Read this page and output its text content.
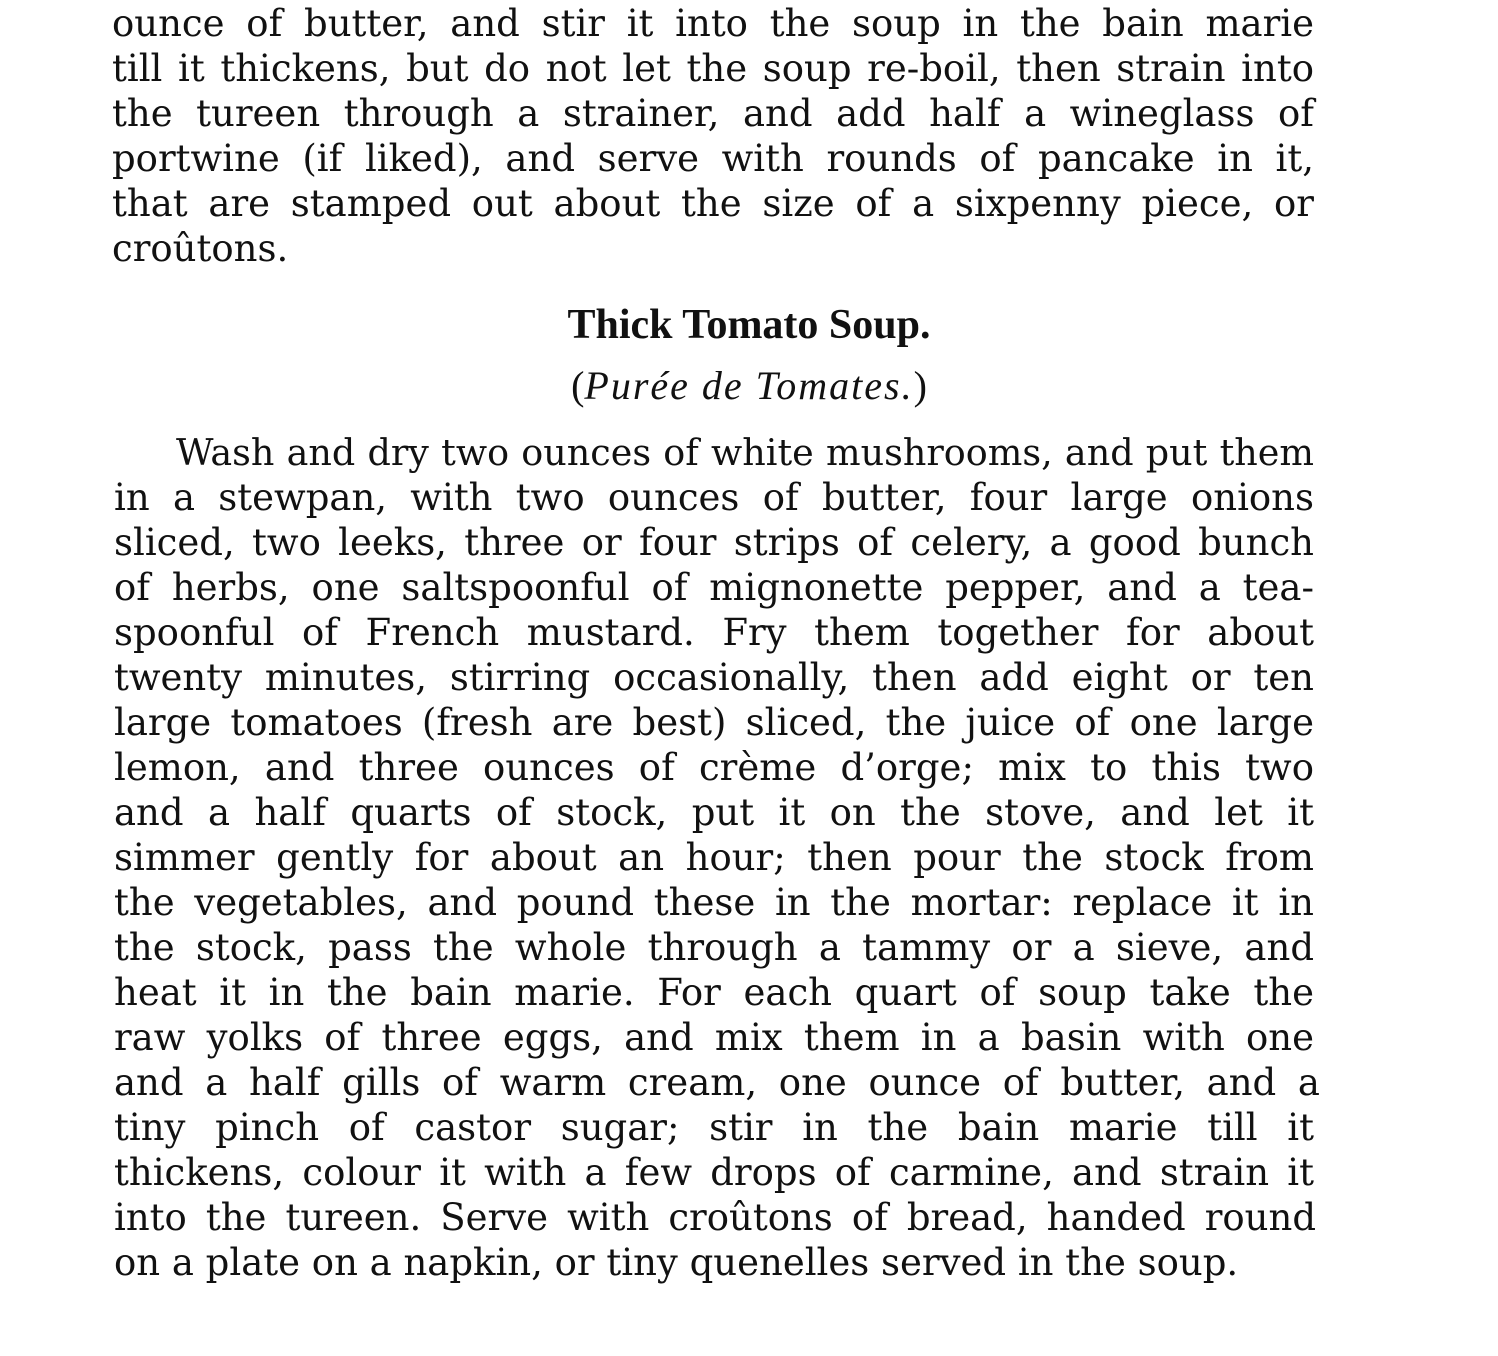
ounce of butter, and stir it into the soup in the bain marie
till it thickens, but do not let the soup re-boil, then strain into
the tureen through a strainer, and add half a wineglass of
portwine (if liked), and serve with rounds of pancake in it,
that are stamped out about the size of a sixpenny piece, or
croûtons.
Thick Tomato Soup.
(Purée de Tomates.)
Wash and dry two ounces of white mushrooms, and put them
in a stewpan, with two ounces of butter, four large onions
sliced, two leeks, three or four strips of celery, a good bunch
of herbs, one saltspoonful of mignonette pepper, and a tea-
spoonful of French mustard. Fry them together for about
twenty minutes, stirring occasionally, then add eight or ten
large tomatoes (fresh are best) sliced, the juice of one large
lemon, and three ounces of crème d’orge; mix to this two
and a half quarts of stock, put it on the stove, and let it
simmer gently for about an hour; then pour the stock from
the vegetables, and pound these in the mortar: replace it in
the stock, pass the whole through a tammy or a sieve, and
heat it in the bain marie. For each quart of soup take the
raw yolks of three eggs, and mix them in a basin with one
and a half gills of warm cream, one ounce of butter, and a
tiny pinch of castor sugar; stir in the bain marie till it
thickens, colour it with a few drops of carmine, and strain it
into the tureen. Serve with croûtons of bread, handed round
on a plate on a napkin, or tiny quenelles served in the soup.
